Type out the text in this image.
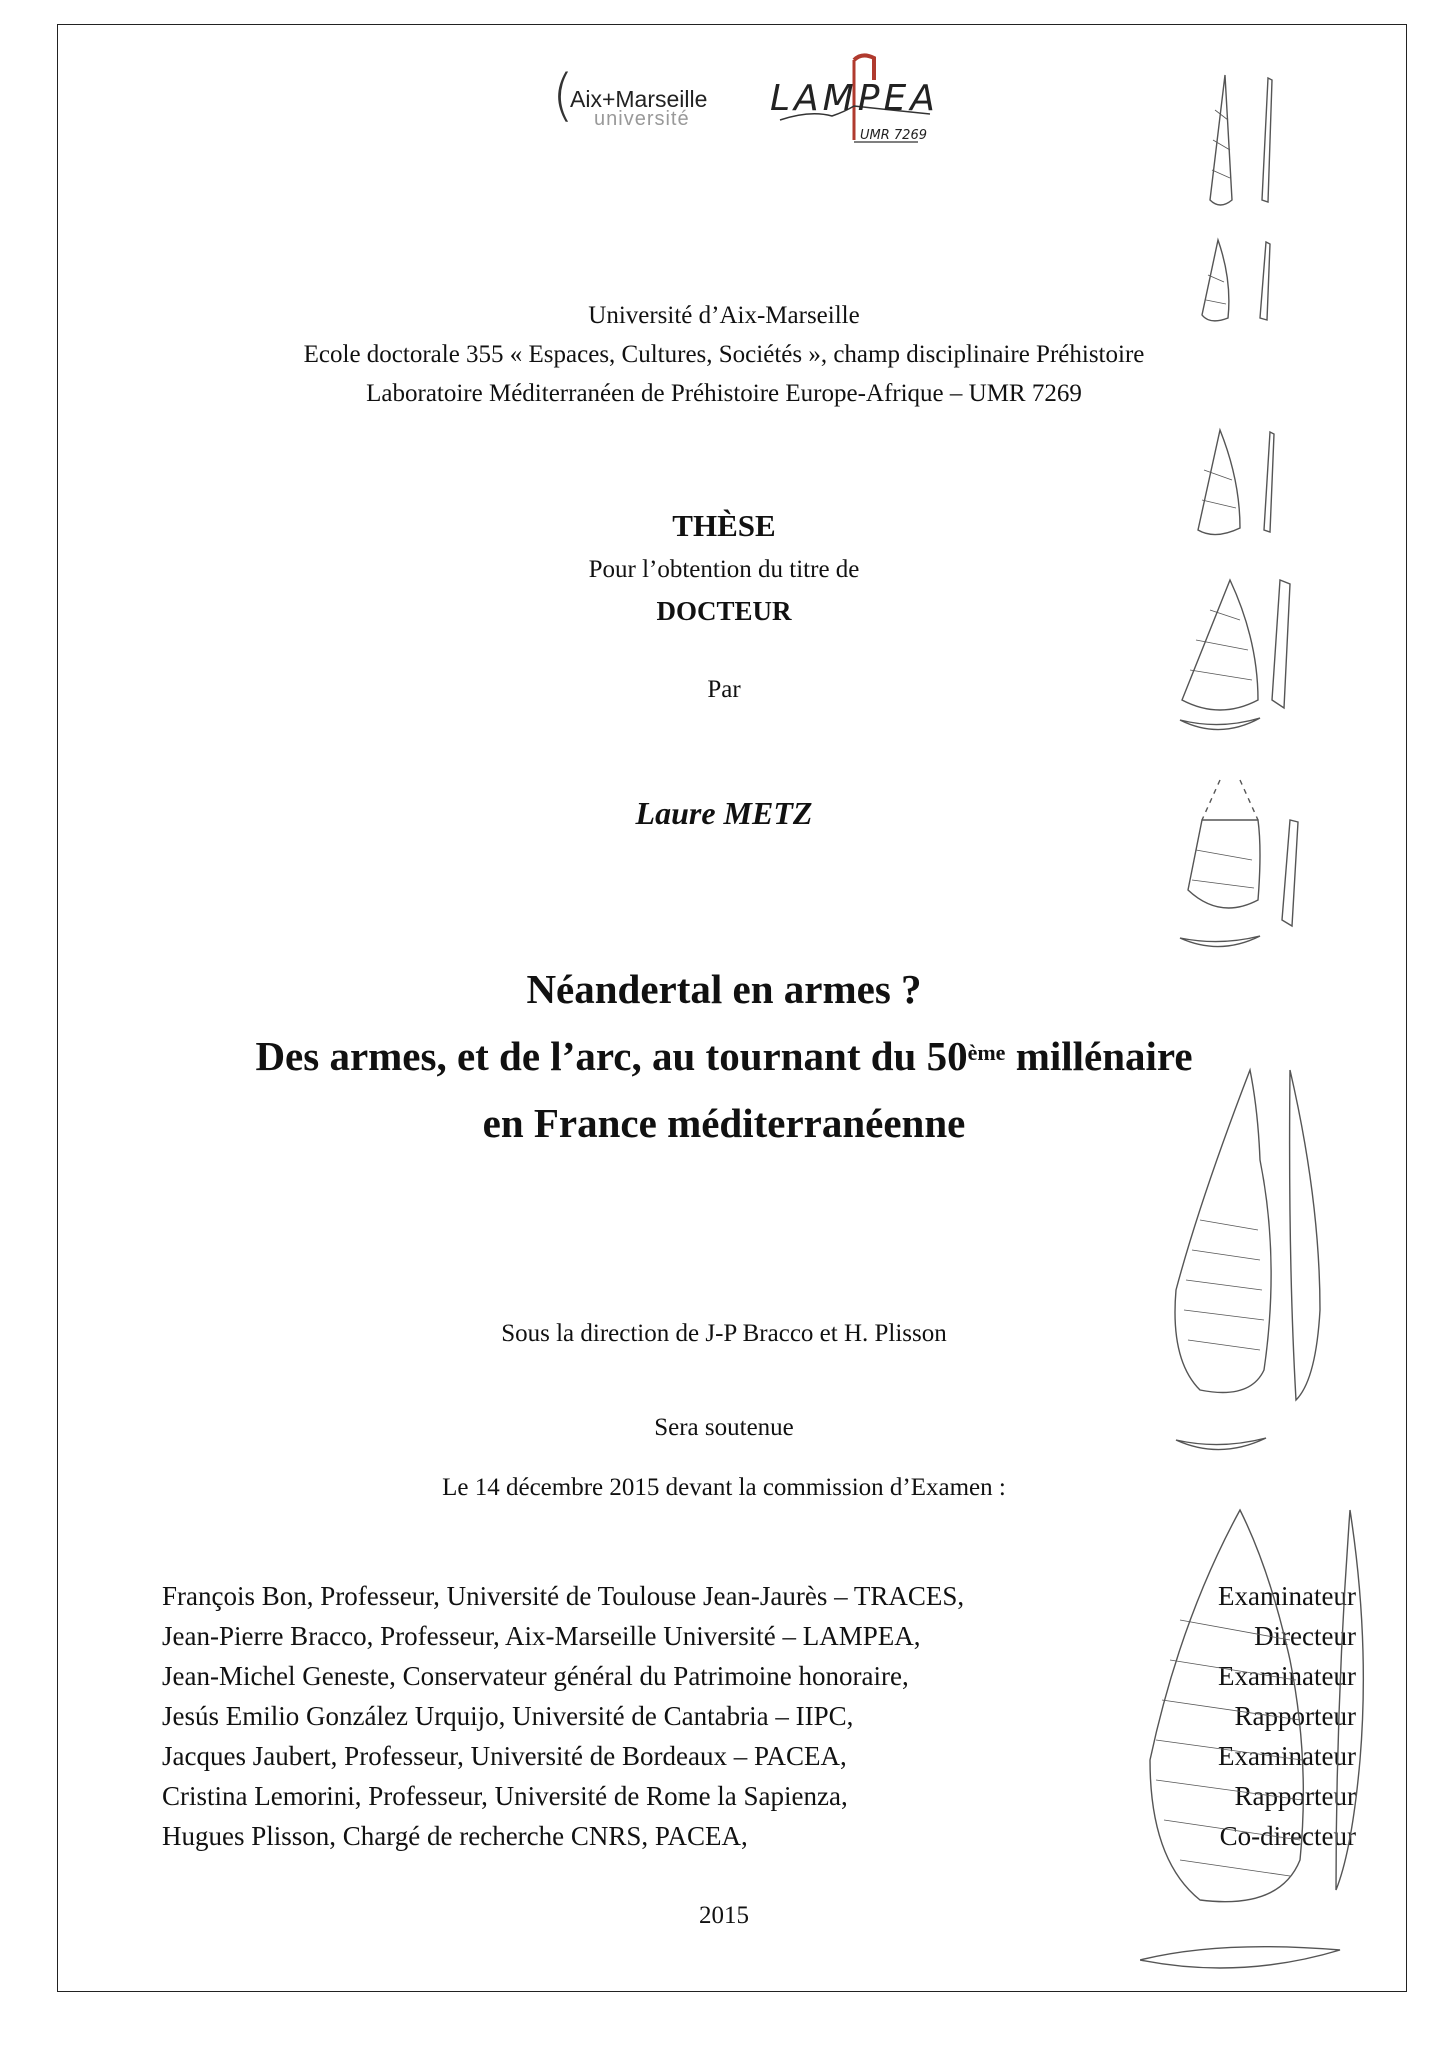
(
Aix+Marseille
université LAMPEA
UMR 7269
Université d’Aix-Marseille
Ecole doctorale 355 « Espaces, Cultures, Sociétés », champ disciplinaire Préhistoire
Laboratoire Méditerranéen de Préhistoire Europe-Afrique – UMR 7269
THÈSE
Pour l’obtention du titre de
DOCTEUR
Par
Laure METZ
Néandertal en armes ?
Des armes, et de l’arc, au tournant du 50ème millénaire
en France méditerranéenne
Sous la direction de J-P Bracco et H. Plisson
Sera soutenue
Le 14 décembre 2015 devant la commission d’Examen :
François Bon, Professeur, Université de Toulouse Jean-Jaurès – TRACES,	Examinateur
Jean-Pierre Bracco, Professeur, Aix-Marseille Université – LAMPEA,	Directeur
Jean-Michel Geneste, Conservateur général du Patrimoine honoraire,	Examinateur
Jesús Emilio González Urquijo, Université de Cantabria – IIPC,	Rapporteur
Jacques Jaubert, Professeur, Université de Bordeaux – PACEA,	Examinateur
Cristina Lemorini, Professeur, Université de Rome la Sapienza,	Rapporteur
Hugues Plisson, Chargé de recherche CNRS, PACEA,	Co-directeur
2015
